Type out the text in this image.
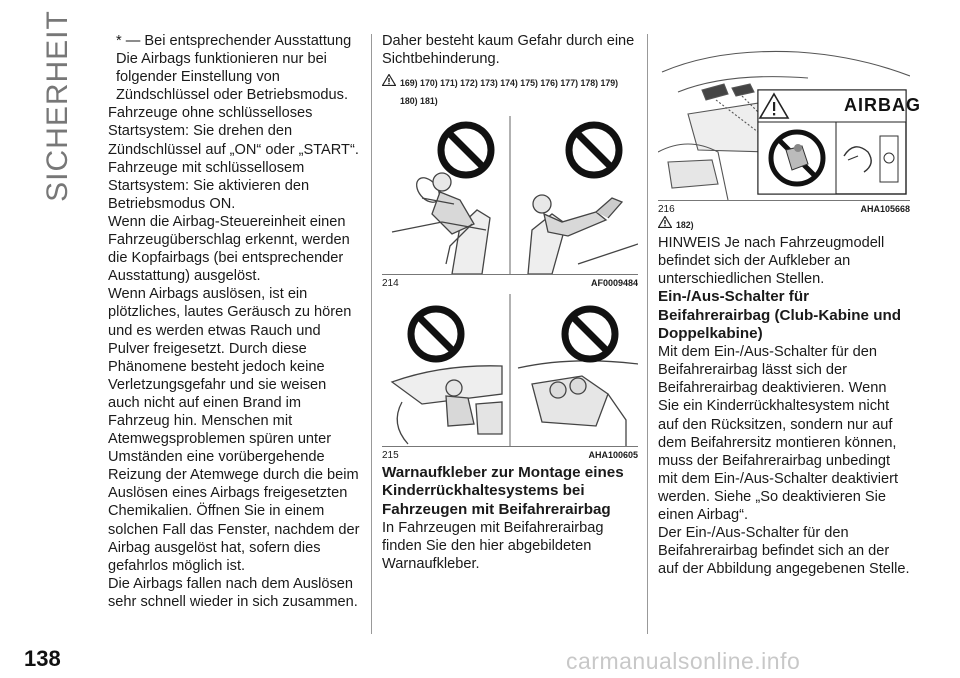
SICHERHEIT	* — Bei entsprechender Ausstattung
Die Airbags funktionieren nur bei folgender Einstellung von Zündschlüssel oder Betriebsmodus.
Fahrzeuge ohne schlüsselloses Startsystem: Sie drehen den Zündschlüssel auf „ON“ oder „START“.
Fahrzeuge mit schlüssellosem Startsystem: Sie aktivieren den Betriebsmodus ON.
Wenn die Airbag-Steuereinheit einen Fahrzeugüberschlag erkennt, werden die Kopfairbags (bei entsprechender Ausstattung) ausgelöst.
Wenn Airbags auslösen, ist ein plötzliches, lautes Geräusch zu hören und es werden etwas Rauch und Pulver freigesetzt. Durch diese Phänomene besteht jedoch keine Verletzungsgefahr und sie weisen auch nicht auf einen Brand im Fahrzeug hin. Menschen mit Atemwegsproblemen spüren unter Umständen eine vorübergehende Reizung der Atemwege durch die beim Auslösen eines Airbags freigesetzten Chemikalien. Öffnen Sie in einem solchen Fall das Fenster, nachdem der Airbag ausgelöst hat, sofern dies gefahrlos möglich ist.
Die Airbags fallen nach dem Auslösen sehr schnell wieder in sich zusammen.
Daher besteht kaum Gefahr durch eine Sichtbehinderung.
169) 170) 171) 172) 173) 174) 175) 176) 177) 178) 179) 180) 181)
214	AF0009484
215	AHA100605
Warnaufkleber zur Montage eines Kinderrückhaltesystems bei Fahrzeugen mit Beifahrerairbag
In Fahrzeugen mit Beifahrerairbag finden Sie den hier abgebildeten Warnaufkleber.
AIRBAG
216	AHA105668
182)
HINWEIS Je nach Fahrzeugmodell befindet sich der Aufkleber an unterschiedlichen Stellen.
Ein-/Aus-Schalter für Beifahrerairbag (Club-Kabine und Doppelkabine)
Mit dem Ein-/Aus-Schalter für den Beifahrerairbag lässt sich der Beifahrerairbag deaktivieren. Wenn Sie ein Kinderrückhaltesystem nicht auf den Rücksitzen, sondern nur auf dem Beifahrersitz montieren können, muss der Beifahrerairbag unbedingt mit dem Ein-/Aus-Schalter deaktiviert werden. Siehe „So deaktivieren Sie einen Airbag“.
Der Ein-/Aus-Schalter für den Beifahrerairbag befindet sich an der auf der Abbildung angegebenen Stelle.
138	carmanualsonline.info
